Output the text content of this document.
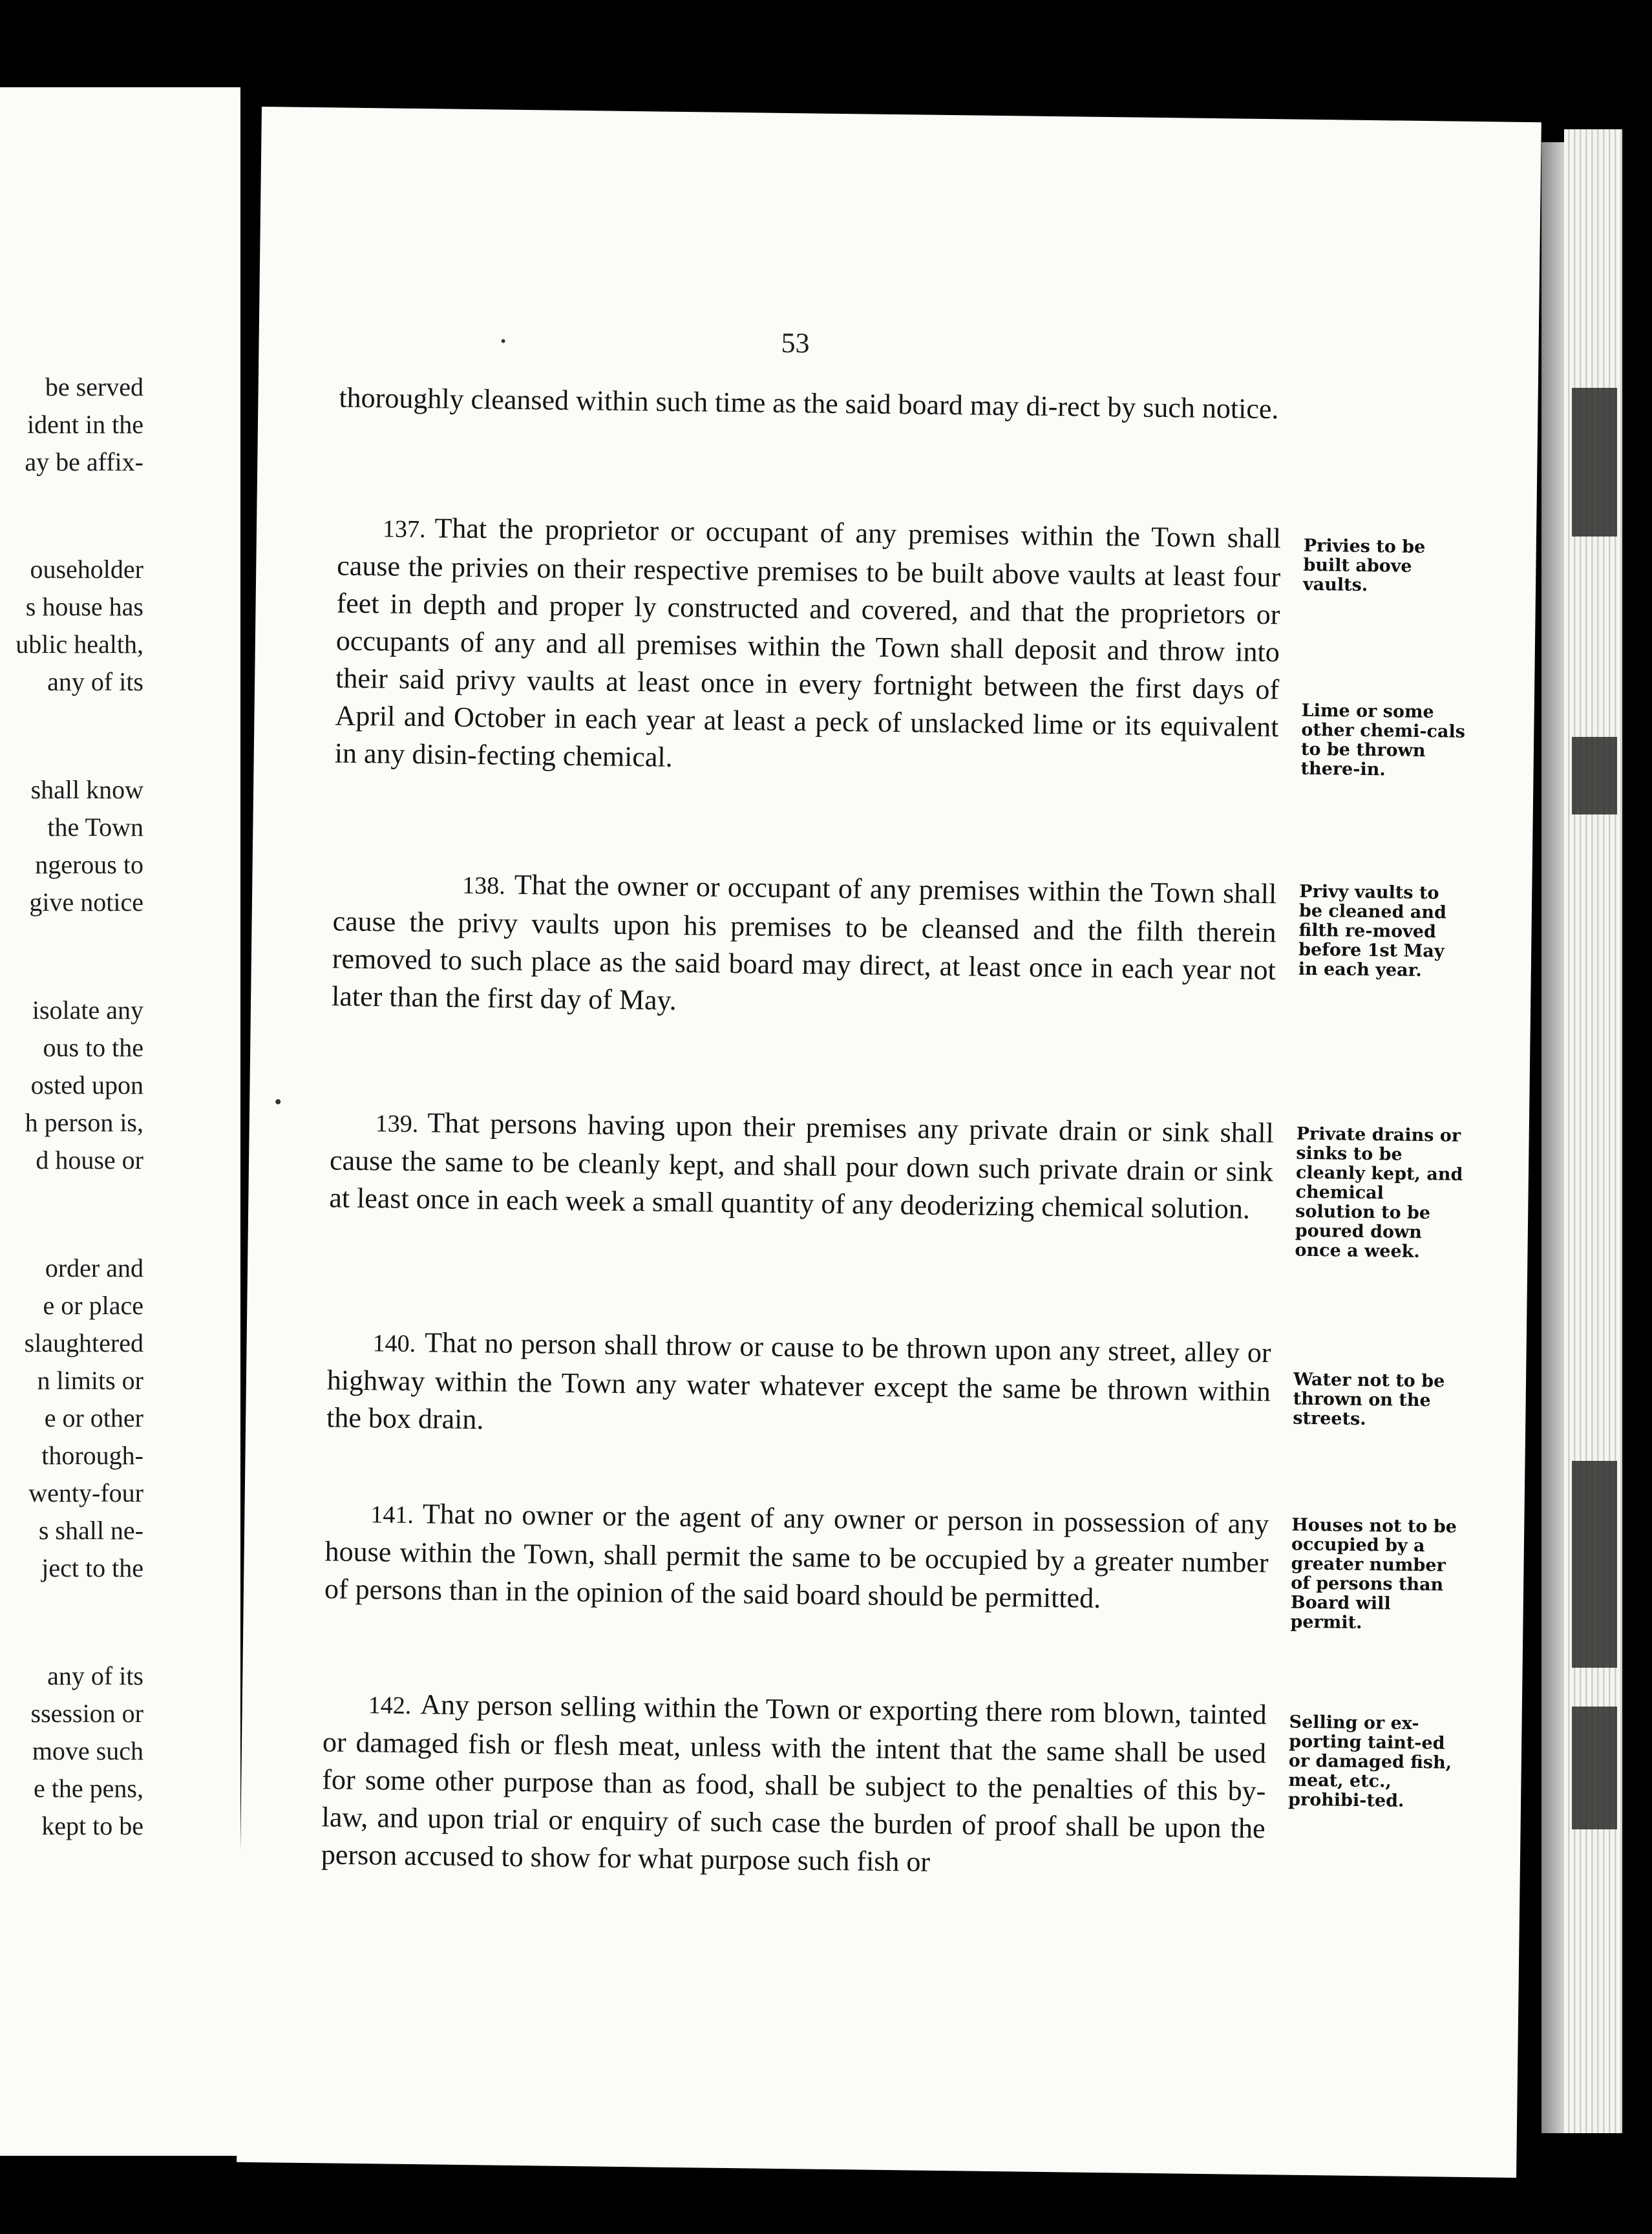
be served
ident in the
ay be affix-
ouseholder
s house has
ublic health,
any of its
shall know
the Town
ngerous to
give notice
isolate any
ous to the
osted upon
h person is,
d house or
order and
e or place
slaughtered
n limits or
e or other
thorough-
wenty-four
s shall ne-
ject to the
any of its
ssession or
move such
e the pens,
kept to be
53

thoroughly cleansed within such time as the said board may di-rect by such notice.

137. That the proprietor or occupant of any premises within the Town shall cause the privies on their respective premises to be built above vaults at least four feet in depth and proper ly constructed and covered, and that the proprietors or occupants of any and all premises within the Town shall deposit and throw into their said privy vaults at least once in every fortnight between the first days of April and October in each year at least a peck of unslacked lime or its equivalent in any disin-fecting chemical.

Privies to be built above vaults.

Lime or some other chemi-cals to be thrown there-in.

138. That the owner or occupant of any premises within the Town shall cause the privy vaults upon his premises to be cleansed and the filth therein removed to such place as the said board may direct, at least once in each year not later than the first day of May.

Privy vaults to be cleaned and filth re-moved before 1st May in each year.

139. That persons having upon their premises any private drain or sink shall cause the same to be cleanly kept, and shall pour down such private drain or sink at least once in each week a small quantity of any deoderizing chemical solution.

Private drains or sinks to be cleanly kept, and chemical solution to be poured down once a week.

140. That no person shall throw or cause to be thrown upon any street, alley or highway within the Town any water whatever except the same be thrown within the box drain.

Water not to be thrown on the streets.

141. That no owner or the agent of any owner or person in possession of any house within the Town, shall permit the same to be occupied by a greater number of persons than in the opinion of the said board should be permitted.

Houses not to be occupied by a greater number of persons than Board will permit.

142. Any person selling within the Town or exporting there rom blown, tainted or damaged fish or flesh meat, unless with the intent that the same shall be used for some other purpose than as food, shall be subject to the penalties of this by-law, and upon trial or enquiry of such case the burden of proof shall be upon the person accused to show for what purpose such fish or

Selling or ex-porting taint-ed or damaged fish, meat, etc., prohibi-ted.
